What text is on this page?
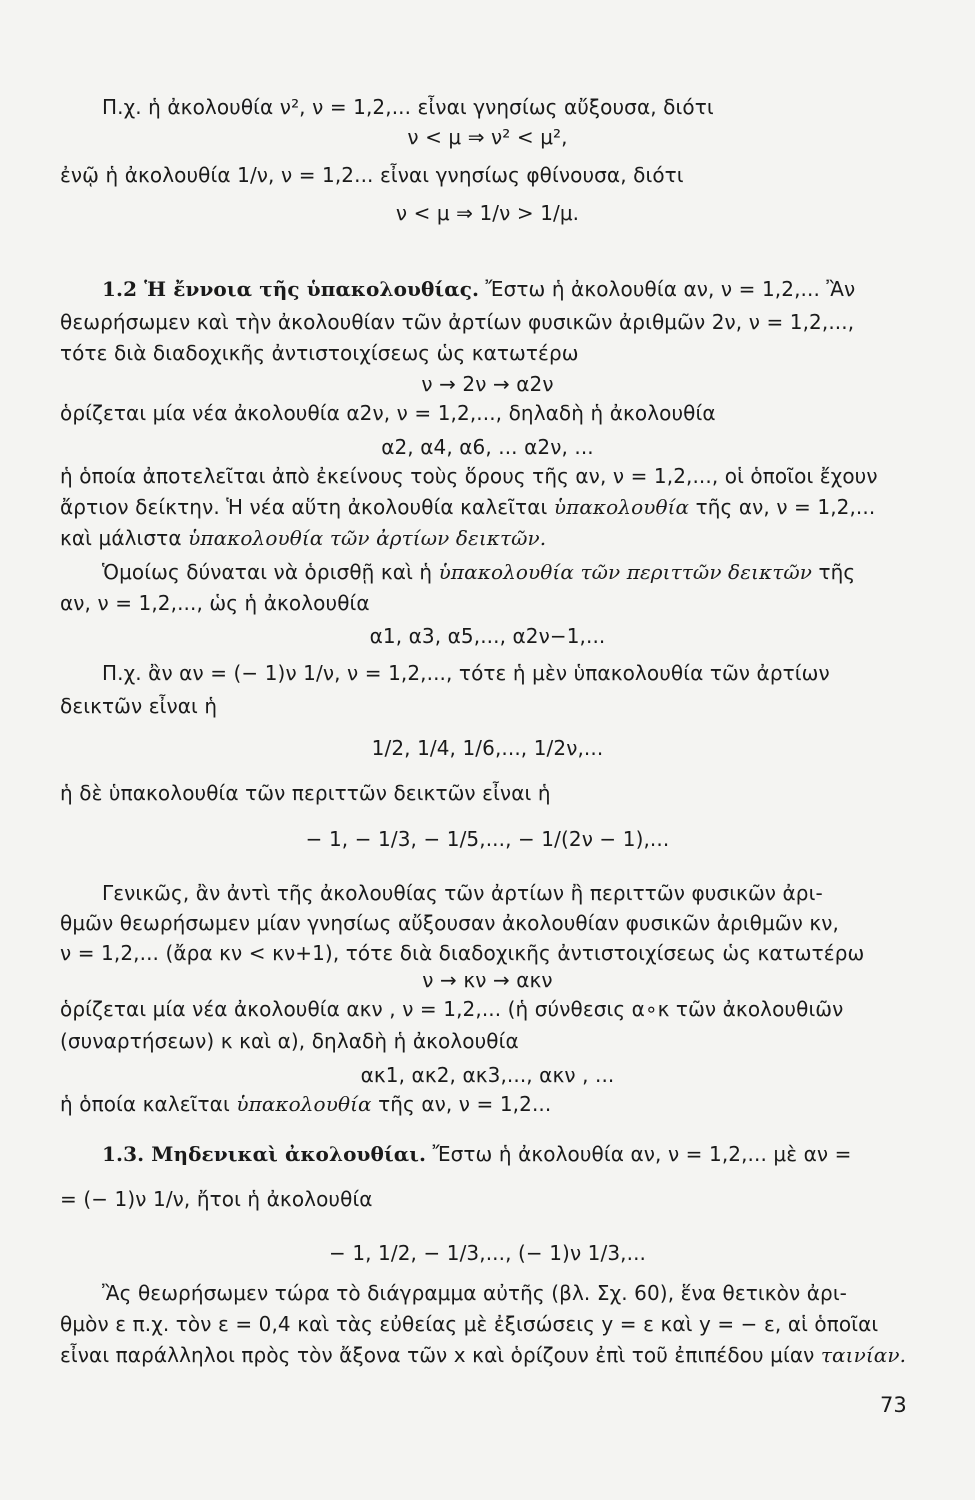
Π.χ. ἡ ἀκολουθία ν², ν = 1,2,... εἶναι γνησίως αὔξουσα, διότι
ν < μ ⇒ ν² < μ²,
ἐνῷ ἡ ἀκολουθία 1/ν, ν = 1,2... εἶναι γνησίως φθίνουσα, διότι
ν < μ ⇒ 1/ν > 1/μ.
1.2 Ἡ ἔννοια τῆς ὑπακολουθίας. Ἔστω ἡ ἀκολουθία αν, ν = 1,2,... Ἂν
θεωρήσωμεν καὶ τὴν ἀκολουθίαν τῶν ἀρτίων φυσικῶν ἀριθμῶν 2ν, ν = 1,2,...,
τότε διὰ διαδοχικῆς ἀντιστοιχίσεως ὡς κατωτέρω
ν → 2ν → α2ν
ὁρίζεται μία νέα ἀκολουθία α2ν, ν = 1,2,..., δηλαδὴ ἡ ἀκολουθία
α2, α4, α6, ... α2ν, ...
ἡ ὁποία ἀποτελεῖται ἀπὸ ἐκείνους τοὺς ὅρους τῆς αν, ν = 1,2,..., οἱ ὁποῖοι ἔχουν
ἄρτιον δείκτην. Ἡ νέα αὕτη ἀκολουθία καλεῖται ὑπακολουθία τῆς αν, ν = 1,2,...
καὶ μάλιστα ὑπακολουθία τῶν ἀρτίων δεικτῶν.
Ὁμοίως δύναται νὰ ὁρισθῇ καὶ ἡ ὑπακολουθία τῶν περιττῶν δεικτῶν τῆς
αν, ν = 1,2,..., ὡς ἡ ἀκολουθία
α1, α3, α5,..., α2ν−1,...
Π.χ. ἂν αν = (− 1)ν 1/ν, ν = 1,2,..., τότε ἡ μὲν ὑπακολουθία τῶν ἀρτίων
δεικτῶν εἶναι ἡ
1/2, 1/4, 1/6,..., 1/2ν,...
ἡ δὲ ὑπακολουθία τῶν περιττῶν δεικτῶν εἶναι ἡ
− 1, − 1/3, − 1/5,..., − 1/(2ν − 1),...
Γενικῶς, ἂν ἀντὶ τῆς ἀκολουθίας τῶν ἀρτίων ἢ περιττῶν φυσικῶν ἀρι-
θμῶν θεωρήσωμεν μίαν γνησίως αὔξουσαν ἀκολουθίαν φυσικῶν ἀριθμῶν κν,
ν = 1,2,... (ἄρα κν < κν+1), τότε διὰ διαδοχικῆς ἀντιστοιχίσεως ὡς κατωτέρω
ν → κν → ακν
ὁρίζεται μία νέα ἀκολουθία ακν , ν = 1,2,... (ἡ σύνθεσις α∘κ τῶν ἀκολουθιῶν
(συναρτήσεων) κ καὶ α), δηλαδὴ ἡ ἀκολουθία
ακ1, ακ2, ακ3,..., ακν , ...
ἡ ὁποία καλεῖται ὑπακολουθία τῆς αν, ν = 1,2...
1.3. Μηδενικαὶ ἀκολουθίαι. Ἔστω ἡ ἀκολουθία αν, ν = 1,2,... μὲ αν =
= (− 1)ν 1/ν, ἤτοι ἡ ἀκολουθία
− 1, 1/2, − 1/3,..., (− 1)ν 1/3,...
Ἂς θεωρήσωμεν τώρα τὸ διάγραμμα αὐτῆς (βλ. Σχ. 60), ἕνα θετικὸν ἀρι-
θμὸν ε π.χ. τὸν ε = 0,4 καὶ τὰς εὐθείας μὲ ἐξισώσεις y = ε καὶ y = − ε, αἱ ὁποῖαι
εἶναι παράλληλοι πρὸς τὸν ἄξονα τῶν x καὶ ὁρίζουν ἐπὶ τοῦ ἐπιπέδου μίαν ταινίαν.
73
